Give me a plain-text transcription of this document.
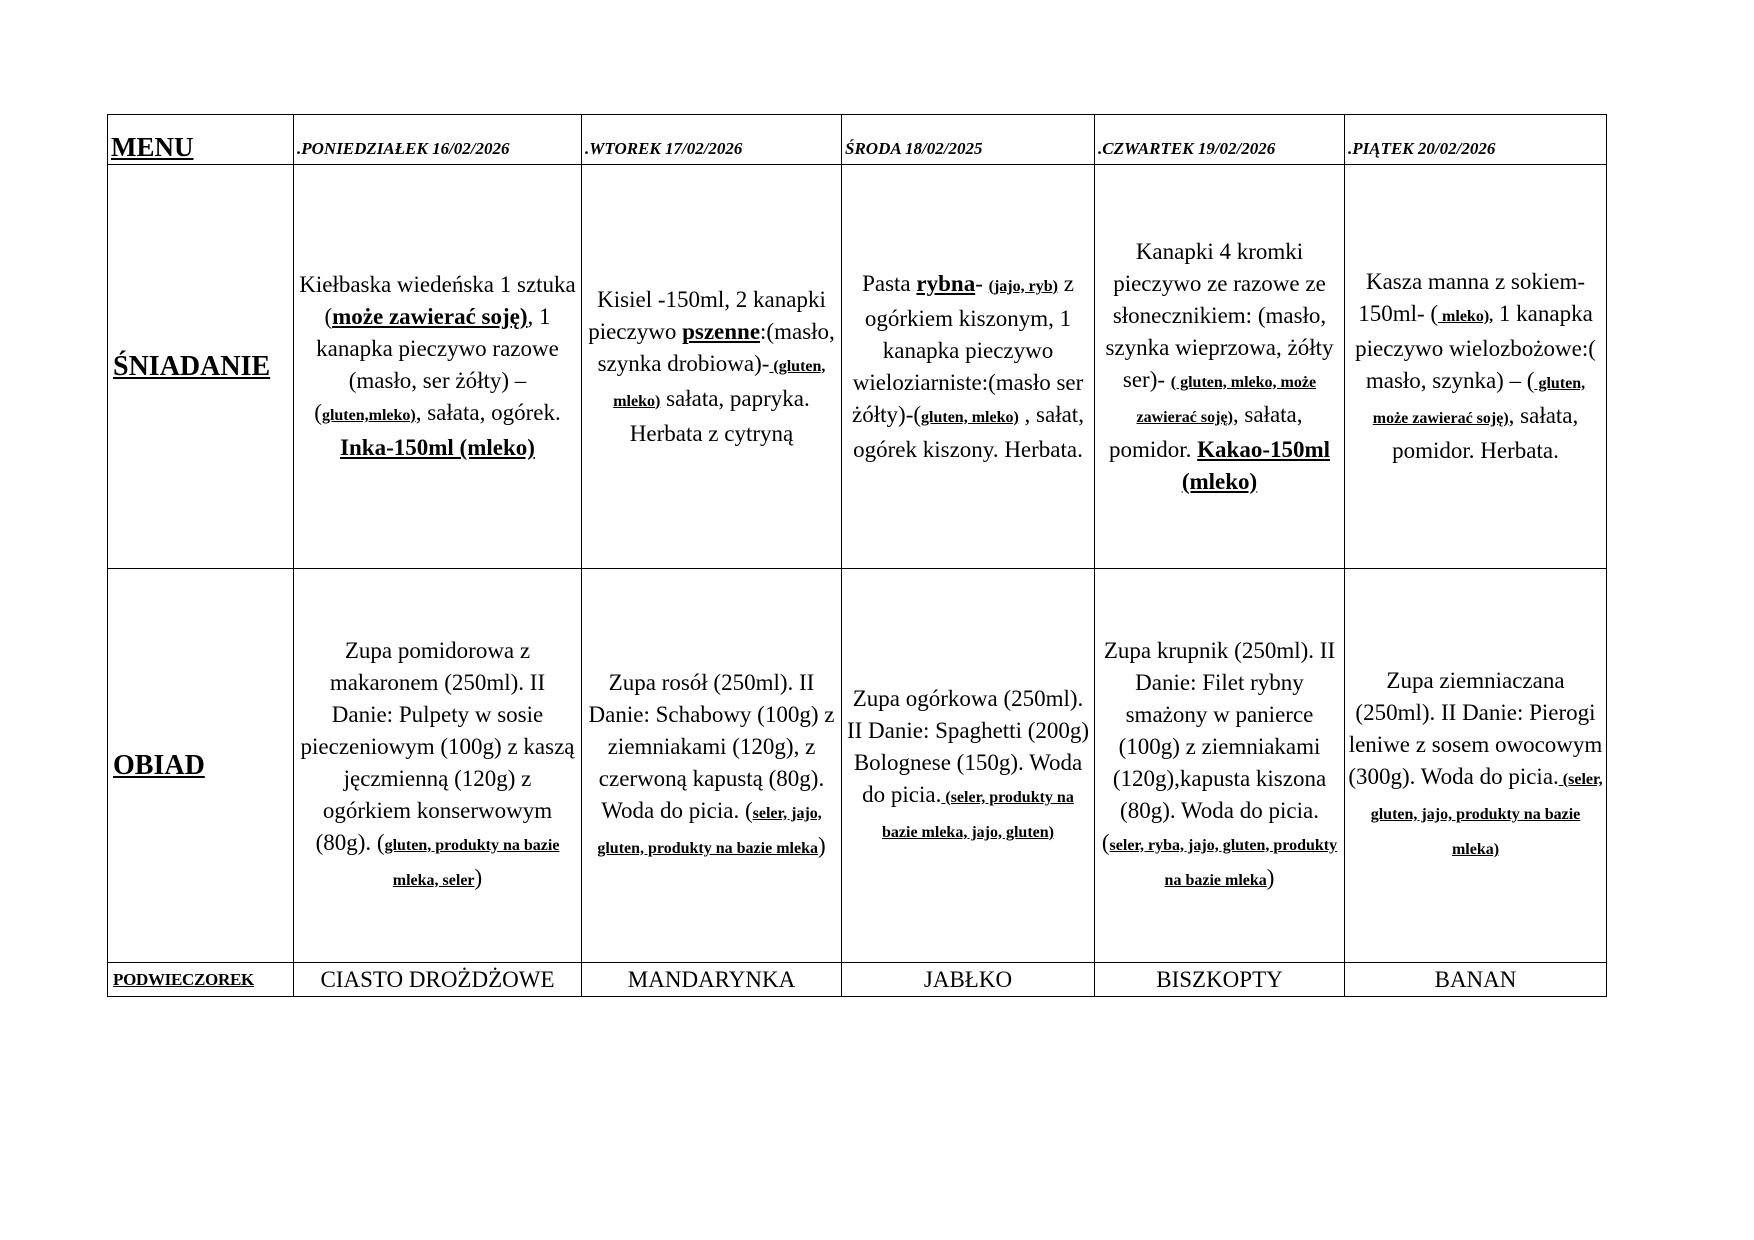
MENU	.PONIEDZIAŁEK 16/02/2026	.WTOREK 17/02/2026	ŚRODA 18/02/2025	.CZWARTEK 19/02/2026	.PIĄTEK 20/02/2026
ŚNIADANIE	Kiełbaska wiedeńska 1 sztuka (może zawierać soję), 1 kanapka pieczywo razowe (masło, ser żółty) – (gluten,mleko), sałata, ogórek. Inka-150ml (mleko)	Kisiel -150ml, 2 kanapki pieczywo pszenne:(masło, szynka drobiowa)- (gluten, mleko) sałata, papryka. Herbata z cytryną	Pasta rybna- (jajo, ryb) z ogórkiem kiszonym, 1 kanapka pieczywo wieloziarniste:(masło ser żółty)-(gluten, mleko) , sałat, ogórek kiszony. Herbata.	Kanapki 4 kromki pieczywo ze razowe ze słonecznikiem: (masło, szynka wieprzowa, żółty ser)- ( gluten, mleko, może zawierać soję), sałata, pomidor. Kakao-150ml (mleko)	Kasza manna z sokiem-150ml- ( mleko), 1 kanapka pieczywo wielozbożowe:( masło, szynka) – ( gluten, może zawierać soję), sałata, pomidor. Herbata.
OBIAD	Zupa pomidorowa z makaronem (250ml). II Danie: Pulpety w sosie pieczeniowym (100g) z kaszą jęczmienną (120g) z ogórkiem konserwowym (80g). (gluten, produkty na bazie mleka, seler)	Zupa rosół (250ml). II Danie: Schabowy (100g) z ziemniakami (120g), z czerwoną kapustą (80g). Woda do picia. (seler, jajo, gluten, produkty na bazie mleka)	Zupa ogórkowa (250ml). II Danie: Spaghetti (200g) Bolognese (150g). Woda do picia. (seler, produkty na bazie mleka, jajo, gluten)	Zupa krupnik (250ml). II Danie: Filet rybny smażony w panierce (100g) z ziemniakami (120g),kapusta kiszona (80g). Woda do picia. (seler, ryba, jajo, gluten, produkty na bazie mleka)	Zupa ziemniaczana (250ml). II Danie: Pierogi leniwe z sosem owocowym (300g). Woda do picia. (seler, gluten, jajo, produkty na bazie mleka)
PODWIECZOREK	CIASTO DROŻDŻOWE	MANDARYNKA	JABŁKO	BISZKOPTY	BANAN
